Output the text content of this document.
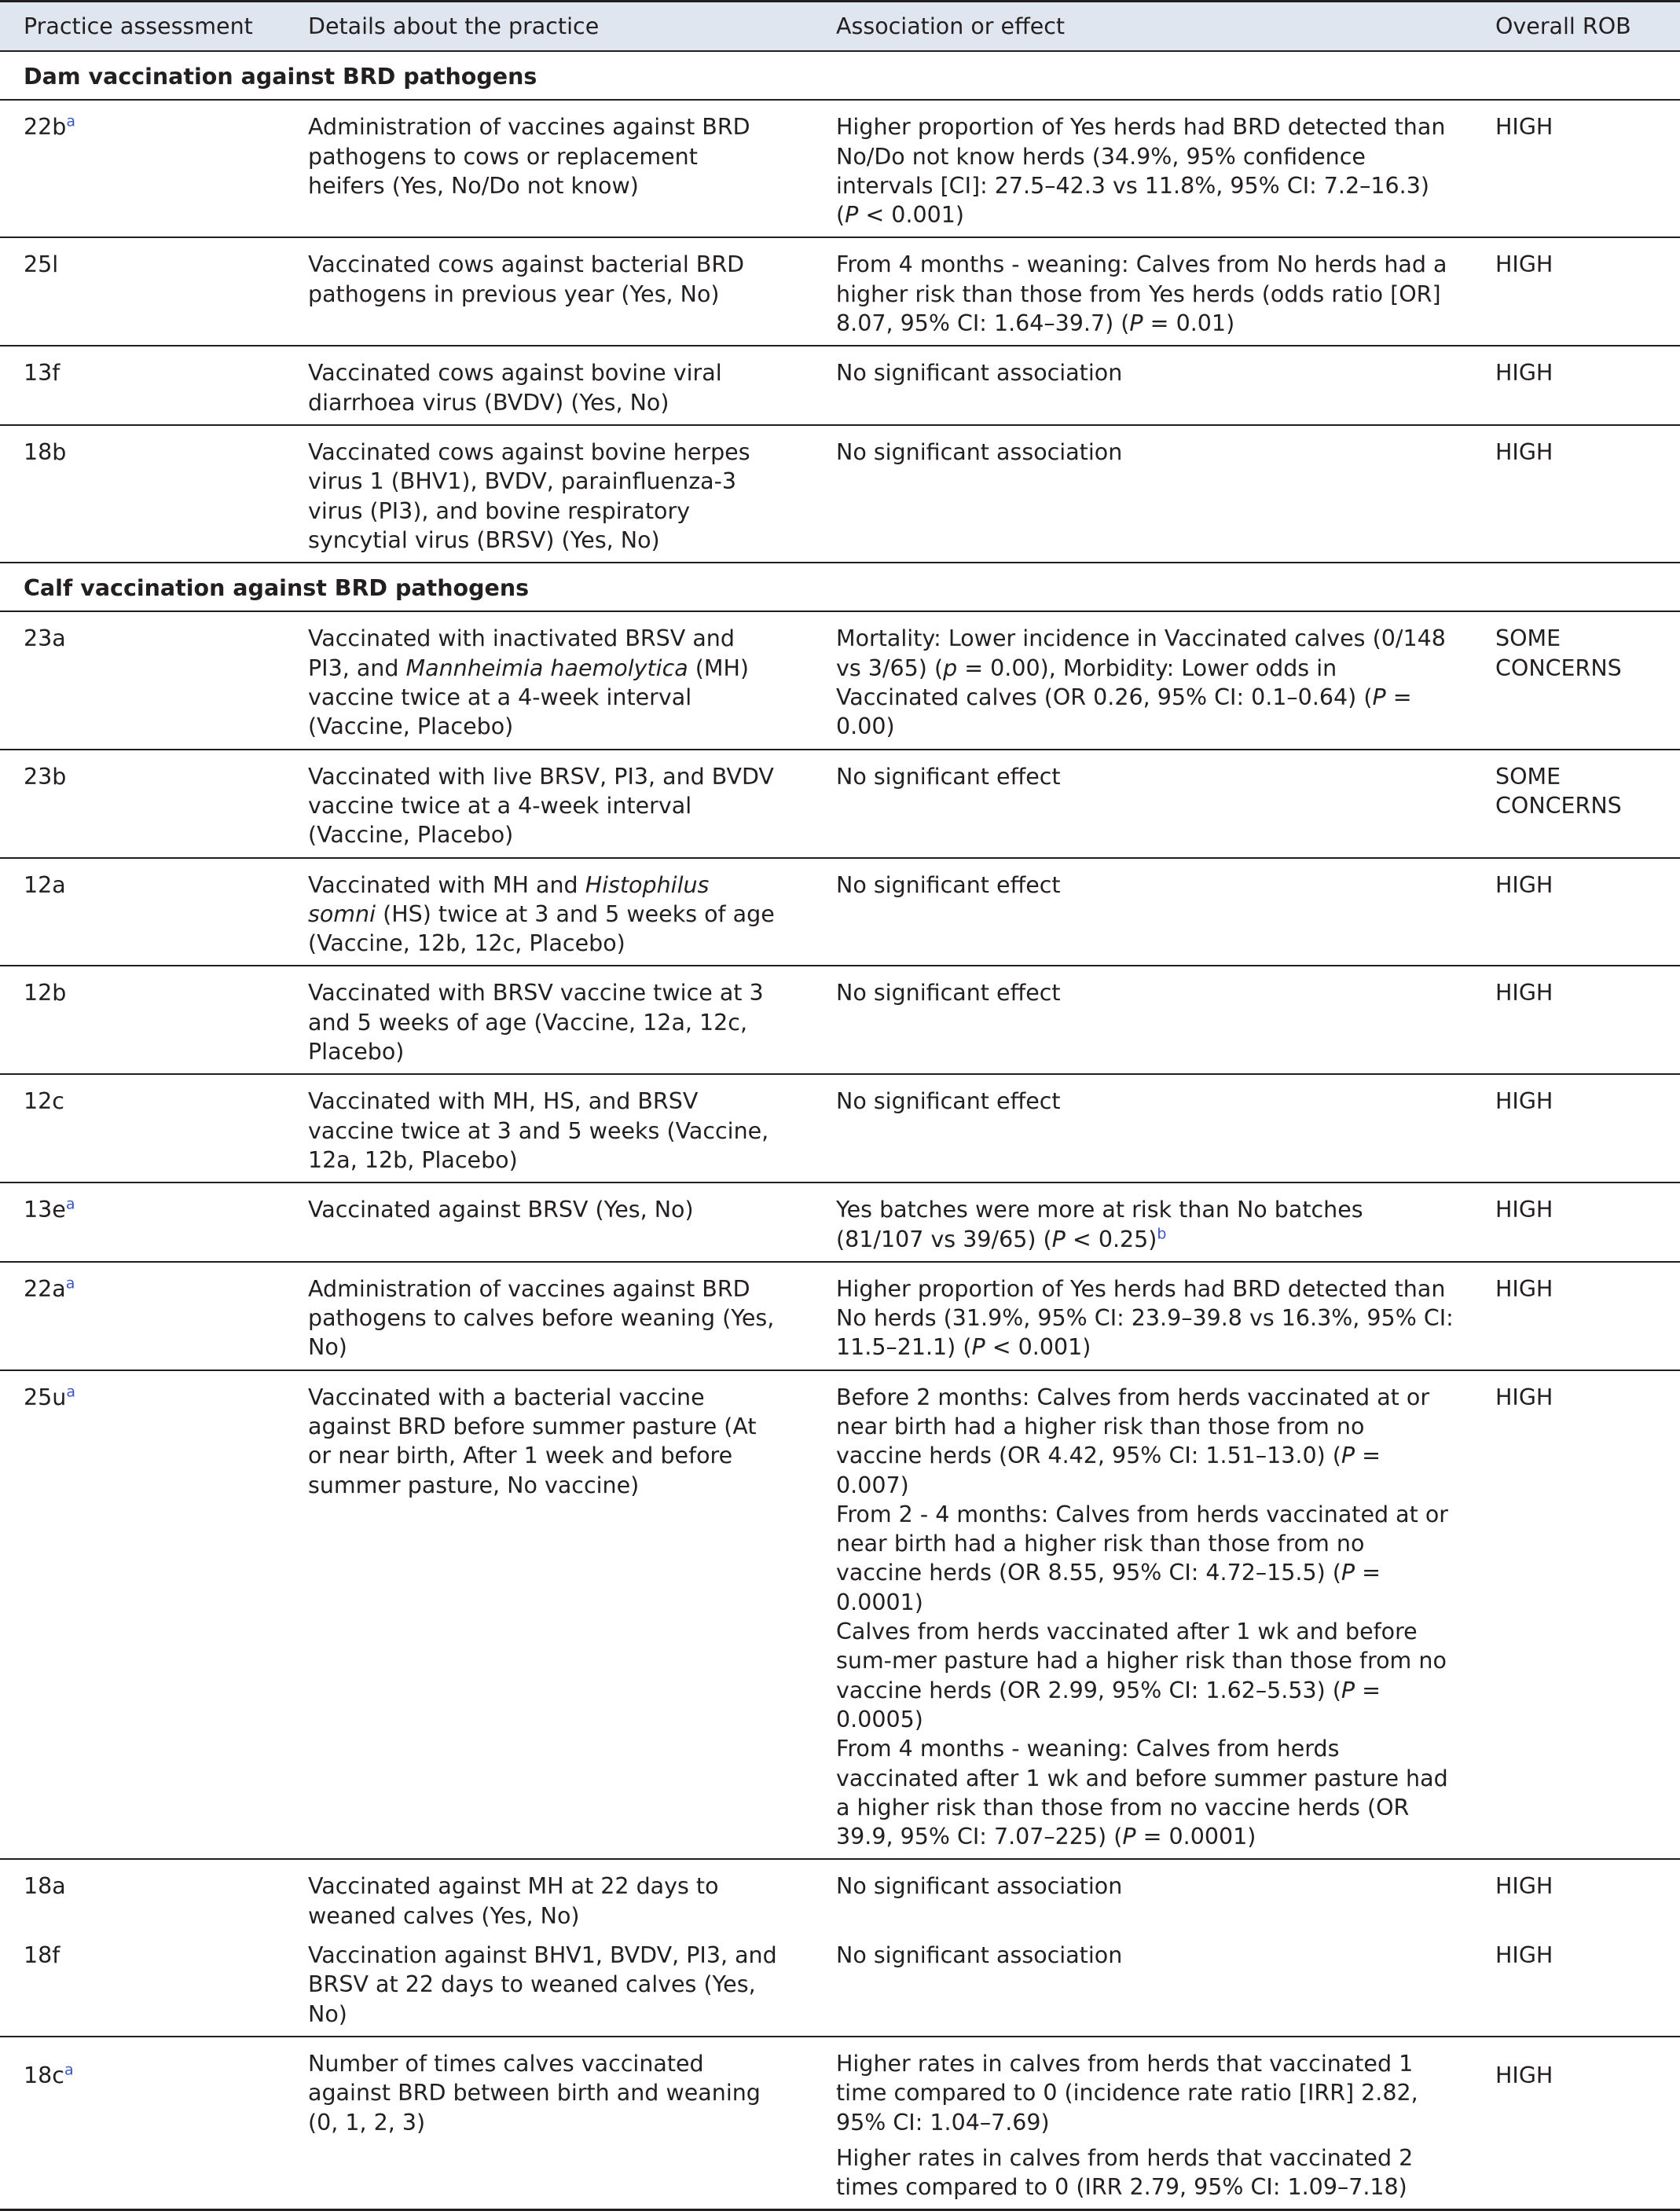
Practice assessment	Details about the practice	Association or effect	Overall ROB
Dam vaccination against BRD pathogens			
22b$^a$	Administration of vaccines against BRD pathogens to cows or replacement heifers (Yes, No/Do not know)	Higher proportion of Yes herds had BRD detected than No/Do not know herds (34.9%, 95% confidence intervals [CI]: 27.5–42.3 vs 11.8%, 95% CI: 7.2–16.3) (P < 0.001)	HIGH
25l	Vaccinated cows against bacterial BRD pathogens in previous year (Yes, No)	From 4 months - weaning: Calves from No herds had a higher risk than those from Yes herds (odds ratio [OR] 8.07, 95% CI: 1.64–39.7) (P = 0.01)	HIGH
13f	Vaccinated cows against bovine viral diarrhoea virus (BVDV) (Yes, No)	No significant association	HIGH
18b	Vaccinated cows against bovine herpes virus 1 (BHV1), BVDV, parainfluenza-3 virus (PI3), and bovine respiratory syncytial virus (BRSV) (Yes, No)	No significant association	HIGH
Calf vaccination against BRD pathogens			
23a	Vaccinated with inactivated BRSV and PI3, and Mannheimia haemolytica (MH) vaccine twice at a 4-week interval (Vaccine, Placebo)	Mortality: Lower incidence in Vaccinated calves (0/148 vs 3/65) (p = 0.00), Morbidity: Lower odds in Vaccinated calves (OR 0.26, 95% CI: 0.1–0.64) (P = 0.00)	SOME CONCERNS
23b	Vaccinated with live BRSV, PI3, and BVDV vaccine twice at a 4-week interval (Vaccine, Placebo)	No significant effect	SOME CONCERNS
12a	Vaccinated with MH and Histophilus somni (HS) twice at 3 and 5 weeks of age (Vaccine, 12b, 12c, Placebo)	No significant effect	HIGH
12b	Vaccinated with BRSV vaccine twice at 3 and 5 weeks of age (Vaccine, 12a, 12c, Placebo)	No significant effect	HIGH
12c	Vaccinated with MH, HS, and BRSV vaccine twice at 3 and 5 weeks (Vaccine, 12a, 12b, Placebo)	No significant effect	HIGH
13e$^a$	Vaccinated against BRSV (Yes, No)	Yes batches were more at risk than No batches (81/107 vs 39/65) (P < 0.25)$^b$	HIGH
22a$^a$	Administration of vaccines against BRD pathogens to calves before weaning (Yes, No)	Higher proportion of Yes herds had BRD detected than No herds (31.9%, 95% CI: 23.9–39.8 vs 16.3%, 95% CI: 11.5–21.1) (P < 0.001)	HIGH
25u$^a$	Vaccinated with a bacterial vaccine against BRD before summer pasture (At or near birth, After 1 week and before summer pasture, No vaccine)	Before 2 months: Calves from herds vaccinated at or near birth had a higher risk than those from no vaccine herds (OR 4.42, 95% CI: 1.51–13.0) (P = 0.007)
From 2 - 4 months: Calves from herds vaccinated at or near birth had a higher risk than those from no vaccine herds (OR 8.55, 95% CI: 4.72–15.5) (P = 0.0001)
Calves from herds vaccinated after 1 wk and before sum-mer pasture had a higher risk than those from no vaccine herds (OR 2.99, 95% CI: 1.62–5.53) (P = 0.0005)
From 4 months - weaning: Calves from herds vaccinated after 1 wk and before summer pasture had a higher risk than those from no vaccine herds (OR 39.9, 95% CI: 7.07–225) (P = 0.0001)	HIGH
18a	Vaccinated against MH at 22 days to weaned calves (Yes, No)	No significant association	HIGH
18f	Vaccination against BHV1, BVDV, PI3, and BRSV at 22 days to weaned calves (Yes, No)	No significant association	HIGH
18c$^a$	Number of times calves vaccinated against BRD between birth and weaning (0, 1, 2, 3)	Higher rates in calves from herds that vaccinated 1 time compared to 0 (incidence rate ratio [IRR] 2.82, 95% CI: 1.04–7.69)
Higher rates in calves from herds that vaccinated 2 times compared to 0 (IRR 2.79, 95% CI: 1.09–7.18)	HIGH
